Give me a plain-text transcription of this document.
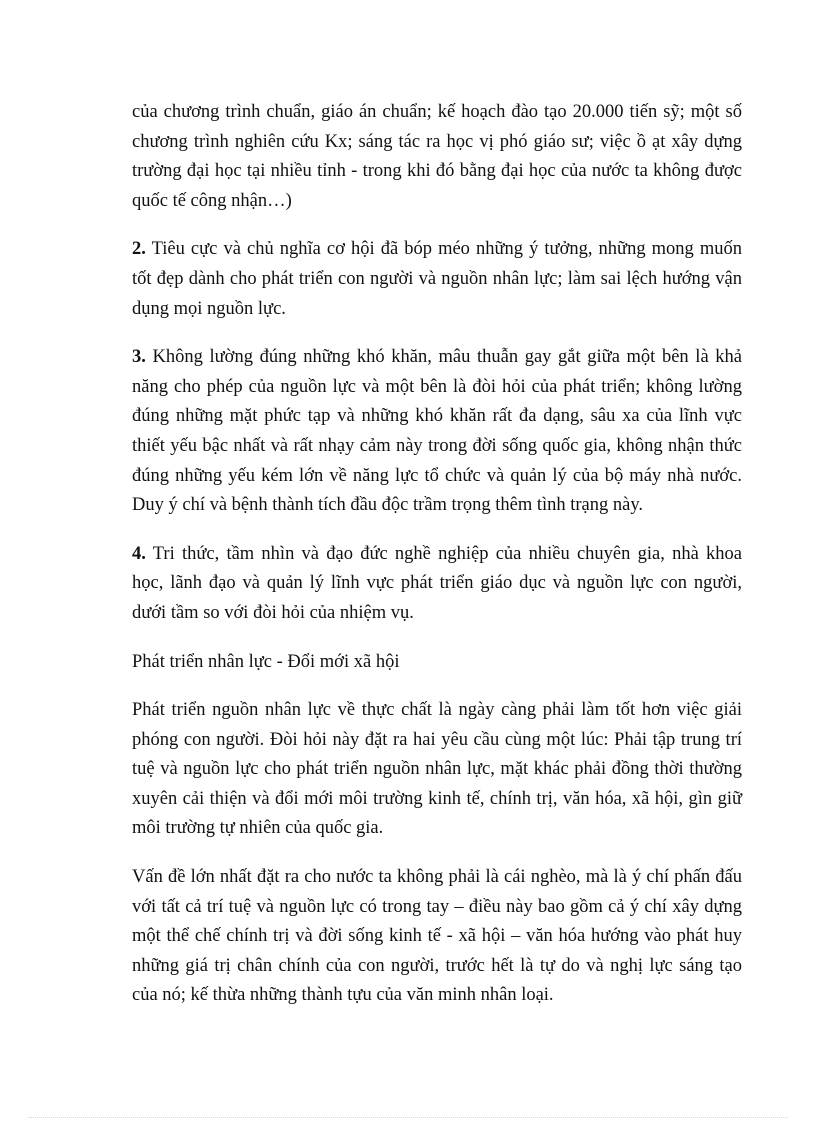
của chương trình chuẩn, giáo án chuẩn; kế hoạch đào tạo 20.000 tiến sỹ; một số
chương trình nghiên cứu Kx; sáng tác ra học vị phó giáo sư; việc ồ ạt xây dựng
trường đại học tại nhiều tỉnh - trong khi đó bằng đại học của nước ta không được
quốc tế công nhận…)

2. Tiêu cực và chủ nghĩa cơ hội đã bóp méo những ý tưởng, những mong muốn
tốt đẹp dành cho phát triển con người và nguồn nhân lực; làm sai lệch hướng vận
dụng mọi nguồn lực.

3. Không lường đúng những khó khăn, mâu thuẫn gay gắt giữa một bên là khả
năng cho phép của nguồn lực và một bên là đòi hỏi của phát triển; không lường
đúng những mặt phức tạp và những khó khăn rất đa dạng, sâu xa của lĩnh vực
thiết yếu bậc nhất và rất nhạy cảm này trong đời sống quốc gia, không nhận thức
đúng những yếu kém lớn về năng lực tổ chức và quản lý của bộ máy nhà nước.
Duy ý chí và bệnh thành tích đầu độc trầm trọng thêm tình trạng này.

4. Tri thức, tầm nhìn và đạo đức nghề nghiệp của nhiều chuyên gia, nhà khoa
học, lãnh đạo và quản lý lĩnh vực phát triển giáo dục và nguồn lực con người,
dưới tầm so với đòi hỏi của nhiệm vụ.

Phát triển nhân lực - Đổi mới xã hội

Phát triển nguồn nhân lực về thực chất là ngày càng phải làm tốt hơn việc giải
phóng con người. Đòi hỏi này đặt ra hai yêu cầu cùng một lúc: Phải tập trung trí
tuệ và nguồn lực cho phát triển nguồn nhân lực, mặt khác phải đồng thời thường
xuyên cải thiện và đổi mới môi trường kinh tế, chính trị, văn hóa, xã hội, gìn giữ
môi trường tự nhiên của quốc gia.

Vấn đề lớn nhất đặt ra cho nước ta không phải là cái nghèo, mà là ý chí phấn đấu
với tất cả trí tuệ và nguồn lực có trong tay – điều này bao gồm cả ý chí xây dựng
một thể chế chính trị và đời sống kinh tế - xã hội – văn hóa hướng vào phát huy
những giá trị chân chính của con người, trước hết là tự do và nghị lực sáng tạo
của nó; kế thừa những thành tựu của văn minh nhân loại.
